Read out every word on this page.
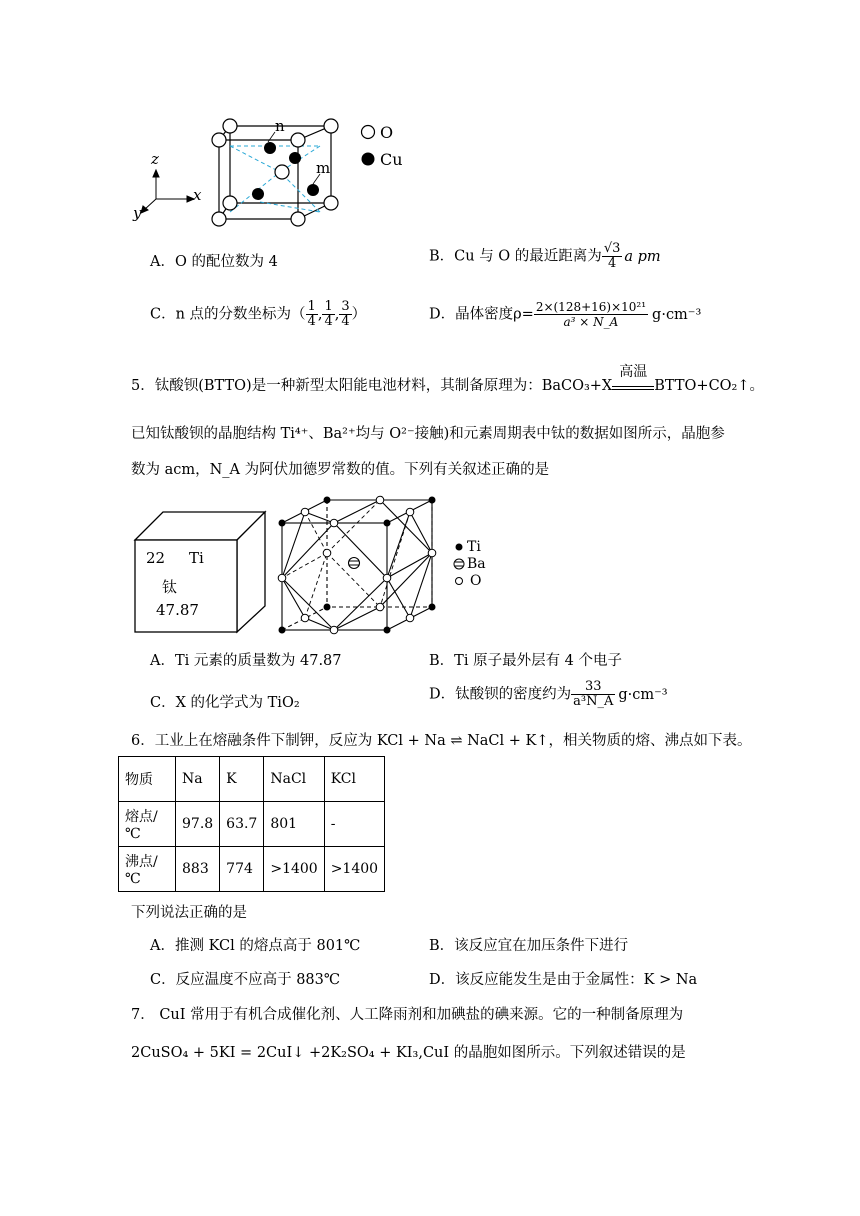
n
m
z
x
y
O
Cu
A．O 的配位数为 4	B．Cu 与 O 的最近距离为 $\frac{√3}{4}$ a pm
C．n 点的分数坐标为（ $\frac{1}{4}$ , $\frac{1}{4}$ , $\frac{3}{4}$ ）	D．晶体密度$\rho= \frac{\text{2×(128+16)×10²¹}}{\text{a³ × N\_A}} g\cdot cm^{-3}$
5．钛酸钡(BTTO)是一种新型太阳能电池材料，其制备原理为：BaCO₃+X
高温
BTTO+CO₂↑。
已知钛酸钡的晶胞结构 Ti⁴⁺、Ba²⁺均与 O²⁻接触)和元素周期表中钛的数据如图所示，晶胞参
数为 acm，N_A 为阿伏加德罗常数的值。下列有关叙述正确的是
22 Ti
钛
47.87
Ti
Ba
O
A．Ti 元素的质量数为 47.87	B．Ti 原子最外层有 4 个电子
C．X 的化学式为 TiO₂
D．钛酸钡的密度约为 $\frac{33}{\text{a³N\_A}} g\cdot cm^{-3}$
6．工业上在熔融条件下制钾，反应为 KCl + Na ⇌ NaCl + K↑，相关物质的熔、沸点如下表。
物质	Na	K	NaCl	KCl
熔点/℃	97.8	63.7	801	-
沸点/℃	883	774	>1400	>1400
下列说法正确的是
A．推测 KCl 的熔点高于 801℃	B．该反应宜在加压条件下进行
C．反应温度不应高于 883℃	D．该反应能发生是由于金属性：K > Na
7． CuI 常用于有机合成催化剂、人工降雨剂和加碘盐的碘来源。它的一种制备原理为
2CuSO₄ + 5KI = 2CuI↓ +2K₂SO₄ + KI₃,CuI 的晶胞如图所示。下列叙述错误的是
